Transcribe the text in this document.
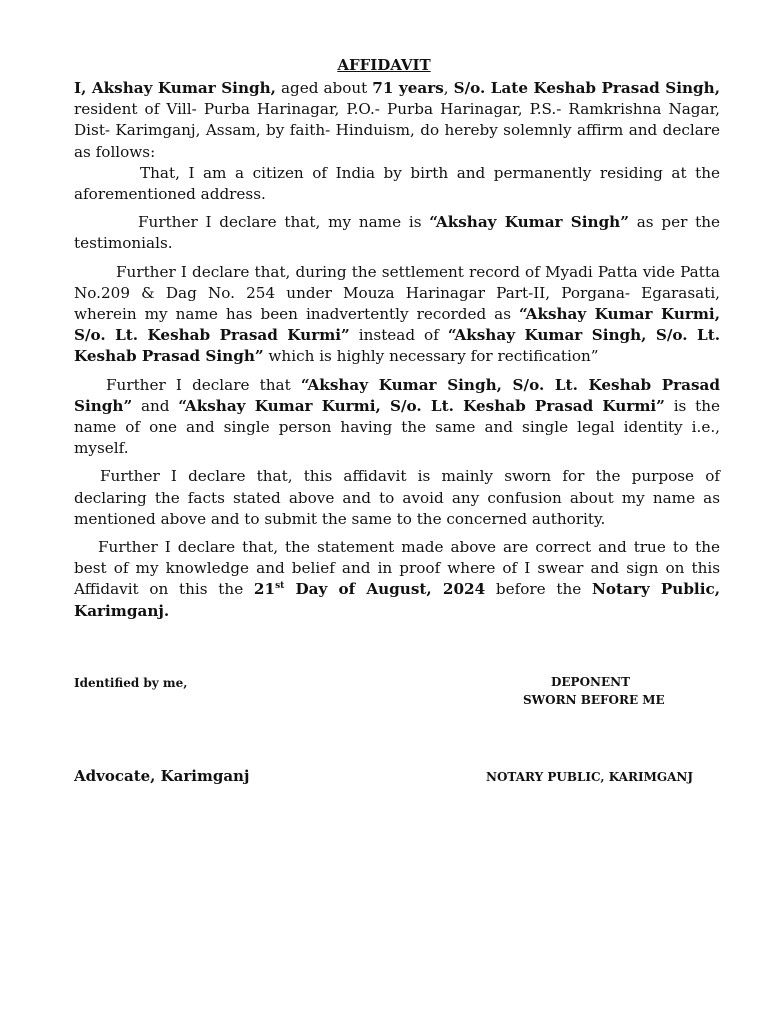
AFFIDAVIT

I, Akshay Kumar Singh, aged about 71 years, S/o. Late Keshab Prasad Singh, resident of Vill- Purba Harinagar, P.O.- Purba Harinagar, P.S.- Ramkrishna Nagar, Dist- Karimganj, Assam, by faith- Hinduism, do hereby solemnly affirm and declare as follows:

That, I am a citizen of India by birth and permanently residing at the aforementioned address.

Further I declare that, my name is “Akshay Kumar Singh” as per the testimonials.

Further I declare that, during the settlement record of Myadi Patta vide Patta No.209 & Dag No. 254 under Mouza Harinagar Part-II, Porgana- Egarasati, wherein my name has been inadvertently recorded as “Akshay Kumar Kurmi, S/o. Lt. Keshab Prasad Kurmi” instead of “Akshay Kumar Singh, S/o. Lt. Keshab Prasad Singh” which is highly necessary for rectification”

Further I declare that “Akshay Kumar Singh, S/o. Lt. Keshab Prasad Singh” and “Akshay Kumar Kurmi, S/o. Lt. Keshab Prasad Kurmi” is the name of one and single person having the same and single legal identity i.e., myself.

Further I declare that, this affidavit is mainly sworn for the purpose of declaring the facts stated above and to avoid any confusion about my name as mentioned above and to submit the same to the concerned authority.

Further I declare that, the statement made above are correct and true to the best of my knowledge and belief and in proof where of I swear and sign on this Affidavit on this the 21st Day of August, 2024 before the Notary Public, Karimganj.

Identified by me,	DEPONENT
SWORN BEFORE ME
Advocate, Karimganj	NOTARY PUBLIC, KARIMGANJ
